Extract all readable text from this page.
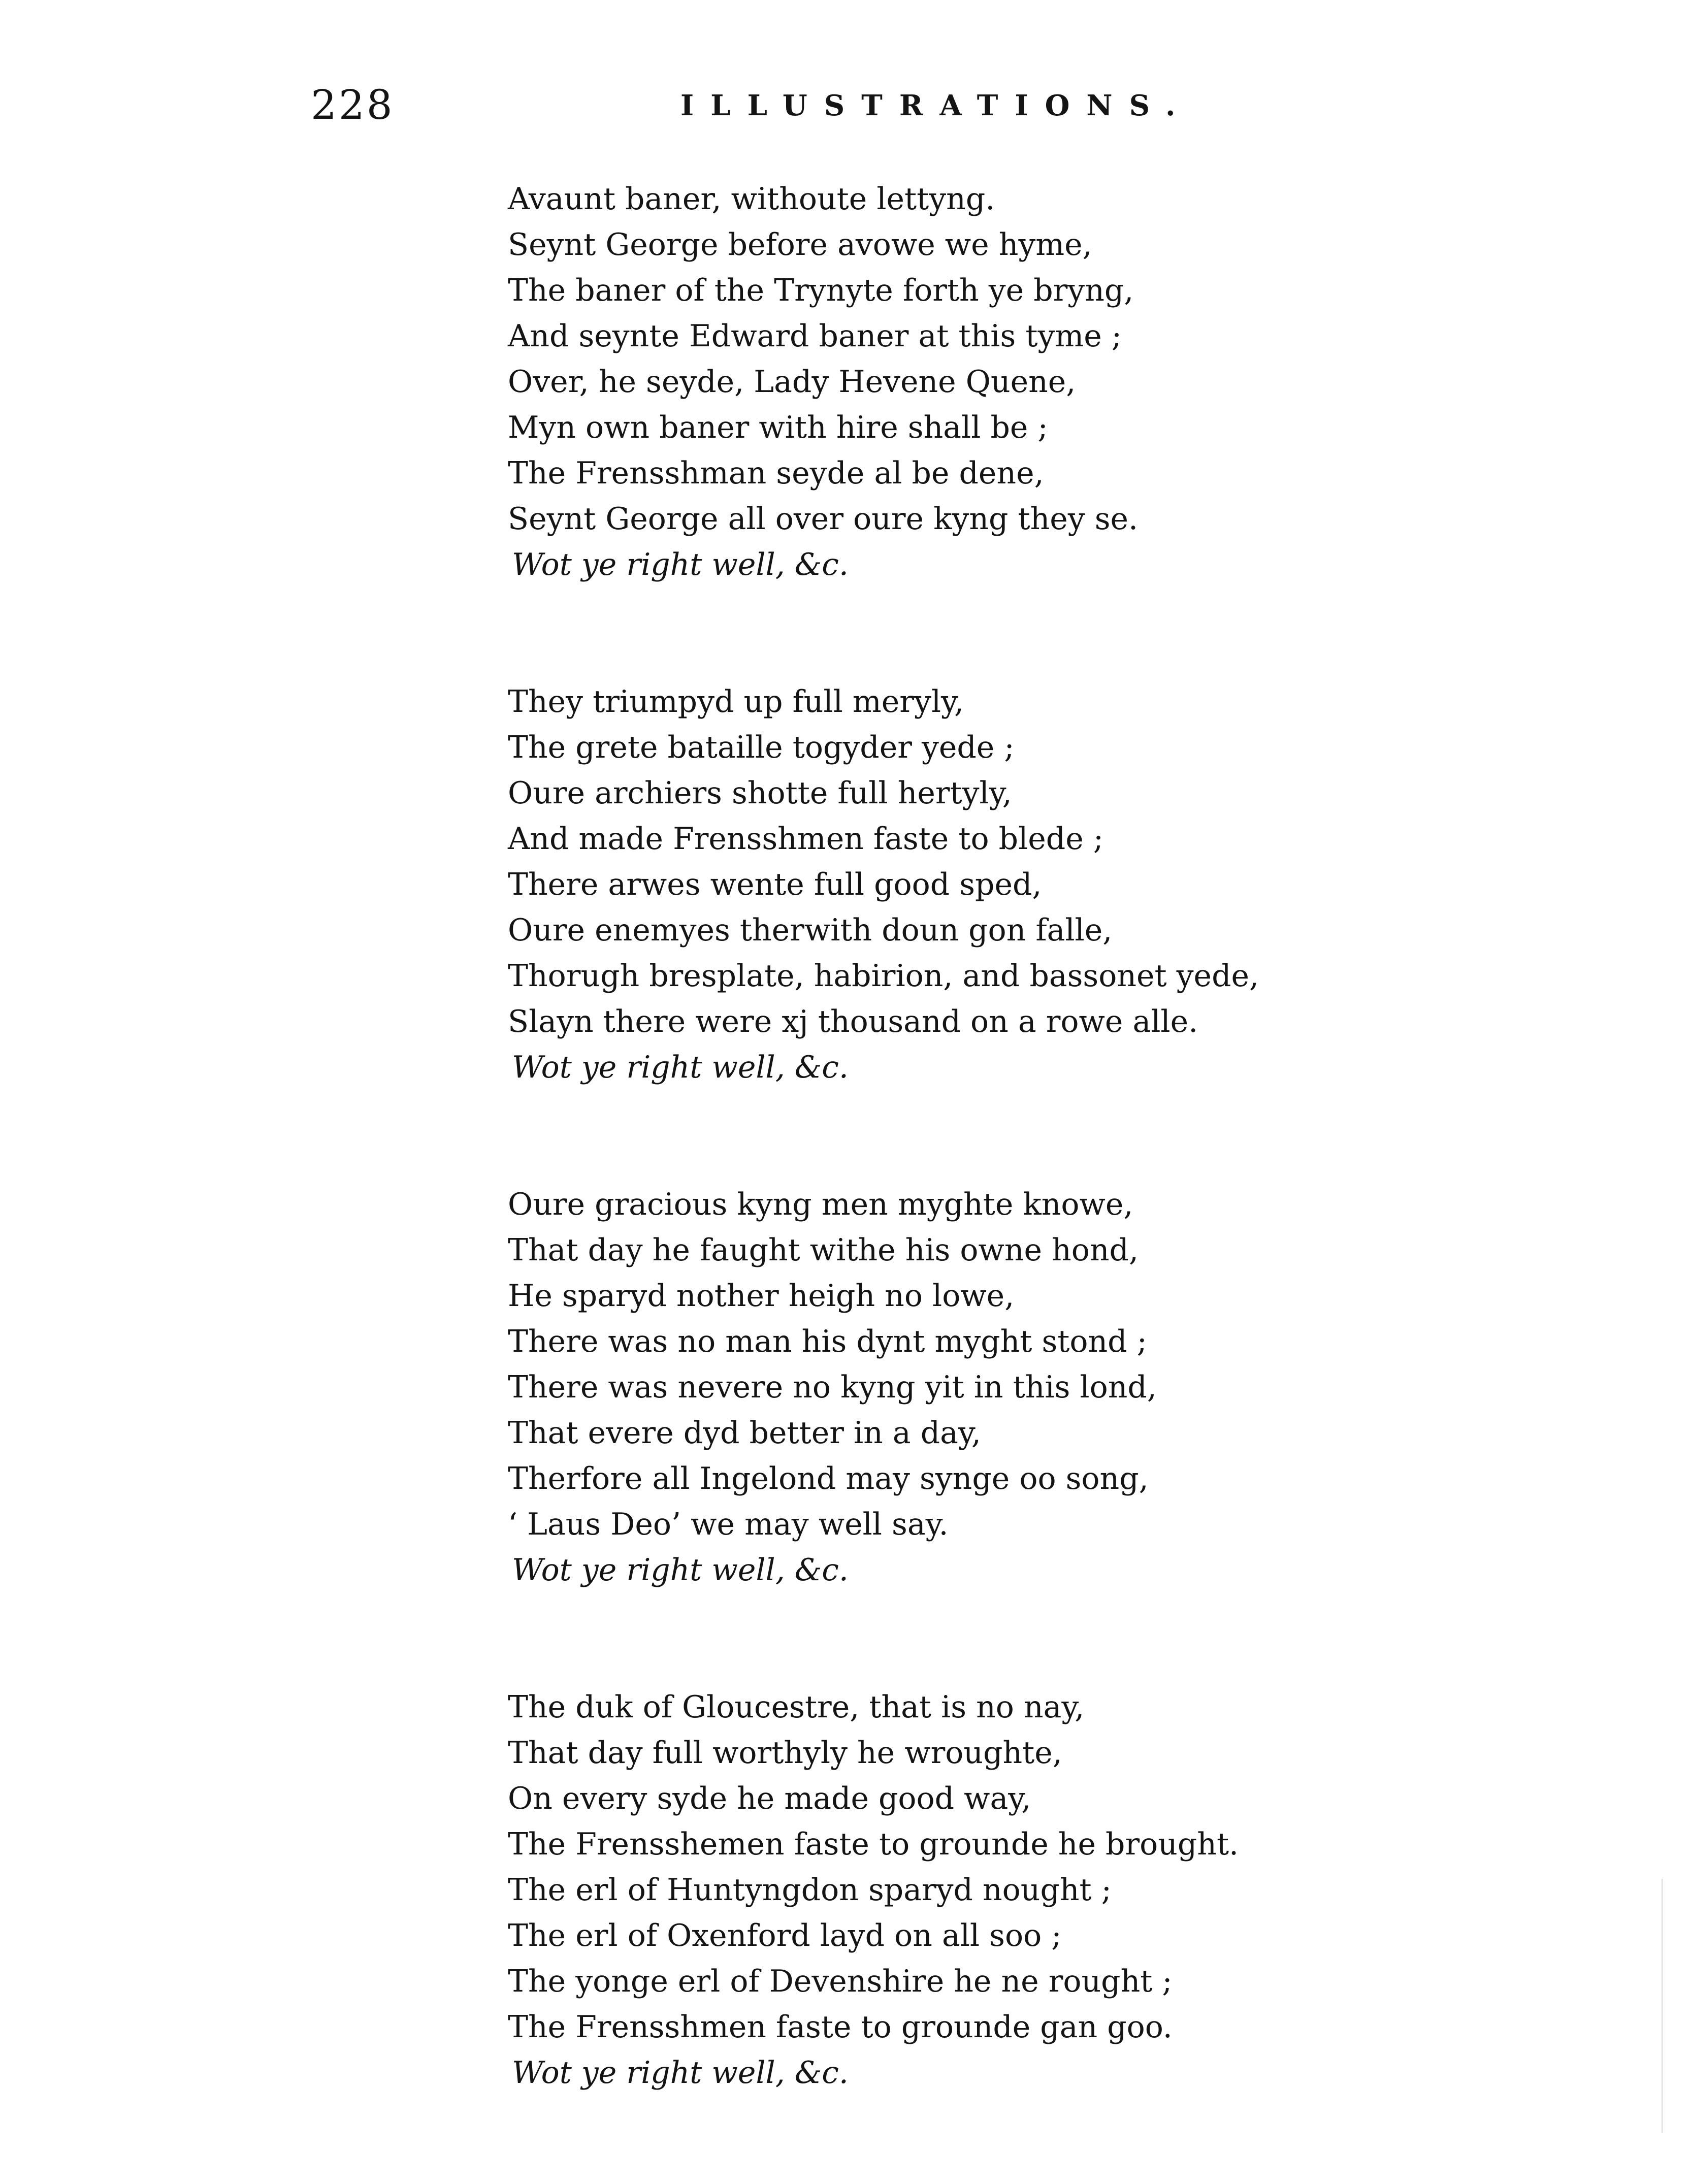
228	ILLUSTRATIONS.
Avaunt baner, withoute lettyng.
Seynt George before avowe we hyme,
The baner of the Trynyte forth ye bryng,
And seynte Edward baner at this tyme ;
Over, he seyde, Lady Hevene Quene,
Myn own baner with hire shall be ;
The Frensshman seyde al be dene,
Seynt George all over oure kyng they se.
Wot ye right well, &c.
They triumpyd up full meryly,
The grete bataille togyder yede ;
Oure archiers shotte full hertyly,
And made Frensshmen faste to blede ;
There arwes wente full good sped,
Oure enemyes therwith doun gon falle,
Thorugh bresplate, habirion, and bassonet yede,
Slayn there were xj thousand on a rowe alle.
Wot ye right well, &c.
Oure gracious kyng men myghte knowe,
That day he faught withe his owne hond,
He sparyd nother heigh no lowe,
There was no man his dynt myght stond ;
There was nevere no kyng yit in this lond,
That evere dyd better in a day,
Therfore all Ingelond may synge oo song,
‘ Laus Deo’ we may well say.
Wot ye right well, &c.
The duk of Gloucestre, that is no nay,
That day full worthyly he wroughte,
On every syde he made good way,
The Frensshemen faste to grounde he brought.
The erl of Huntyngdon sparyd nought ;
The erl of Oxenford layd on all soo ;
The yonge erl of Devenshire he ne rought ;
The Frensshmen faste to grounde gan goo.
Wot ye right well, &c.
